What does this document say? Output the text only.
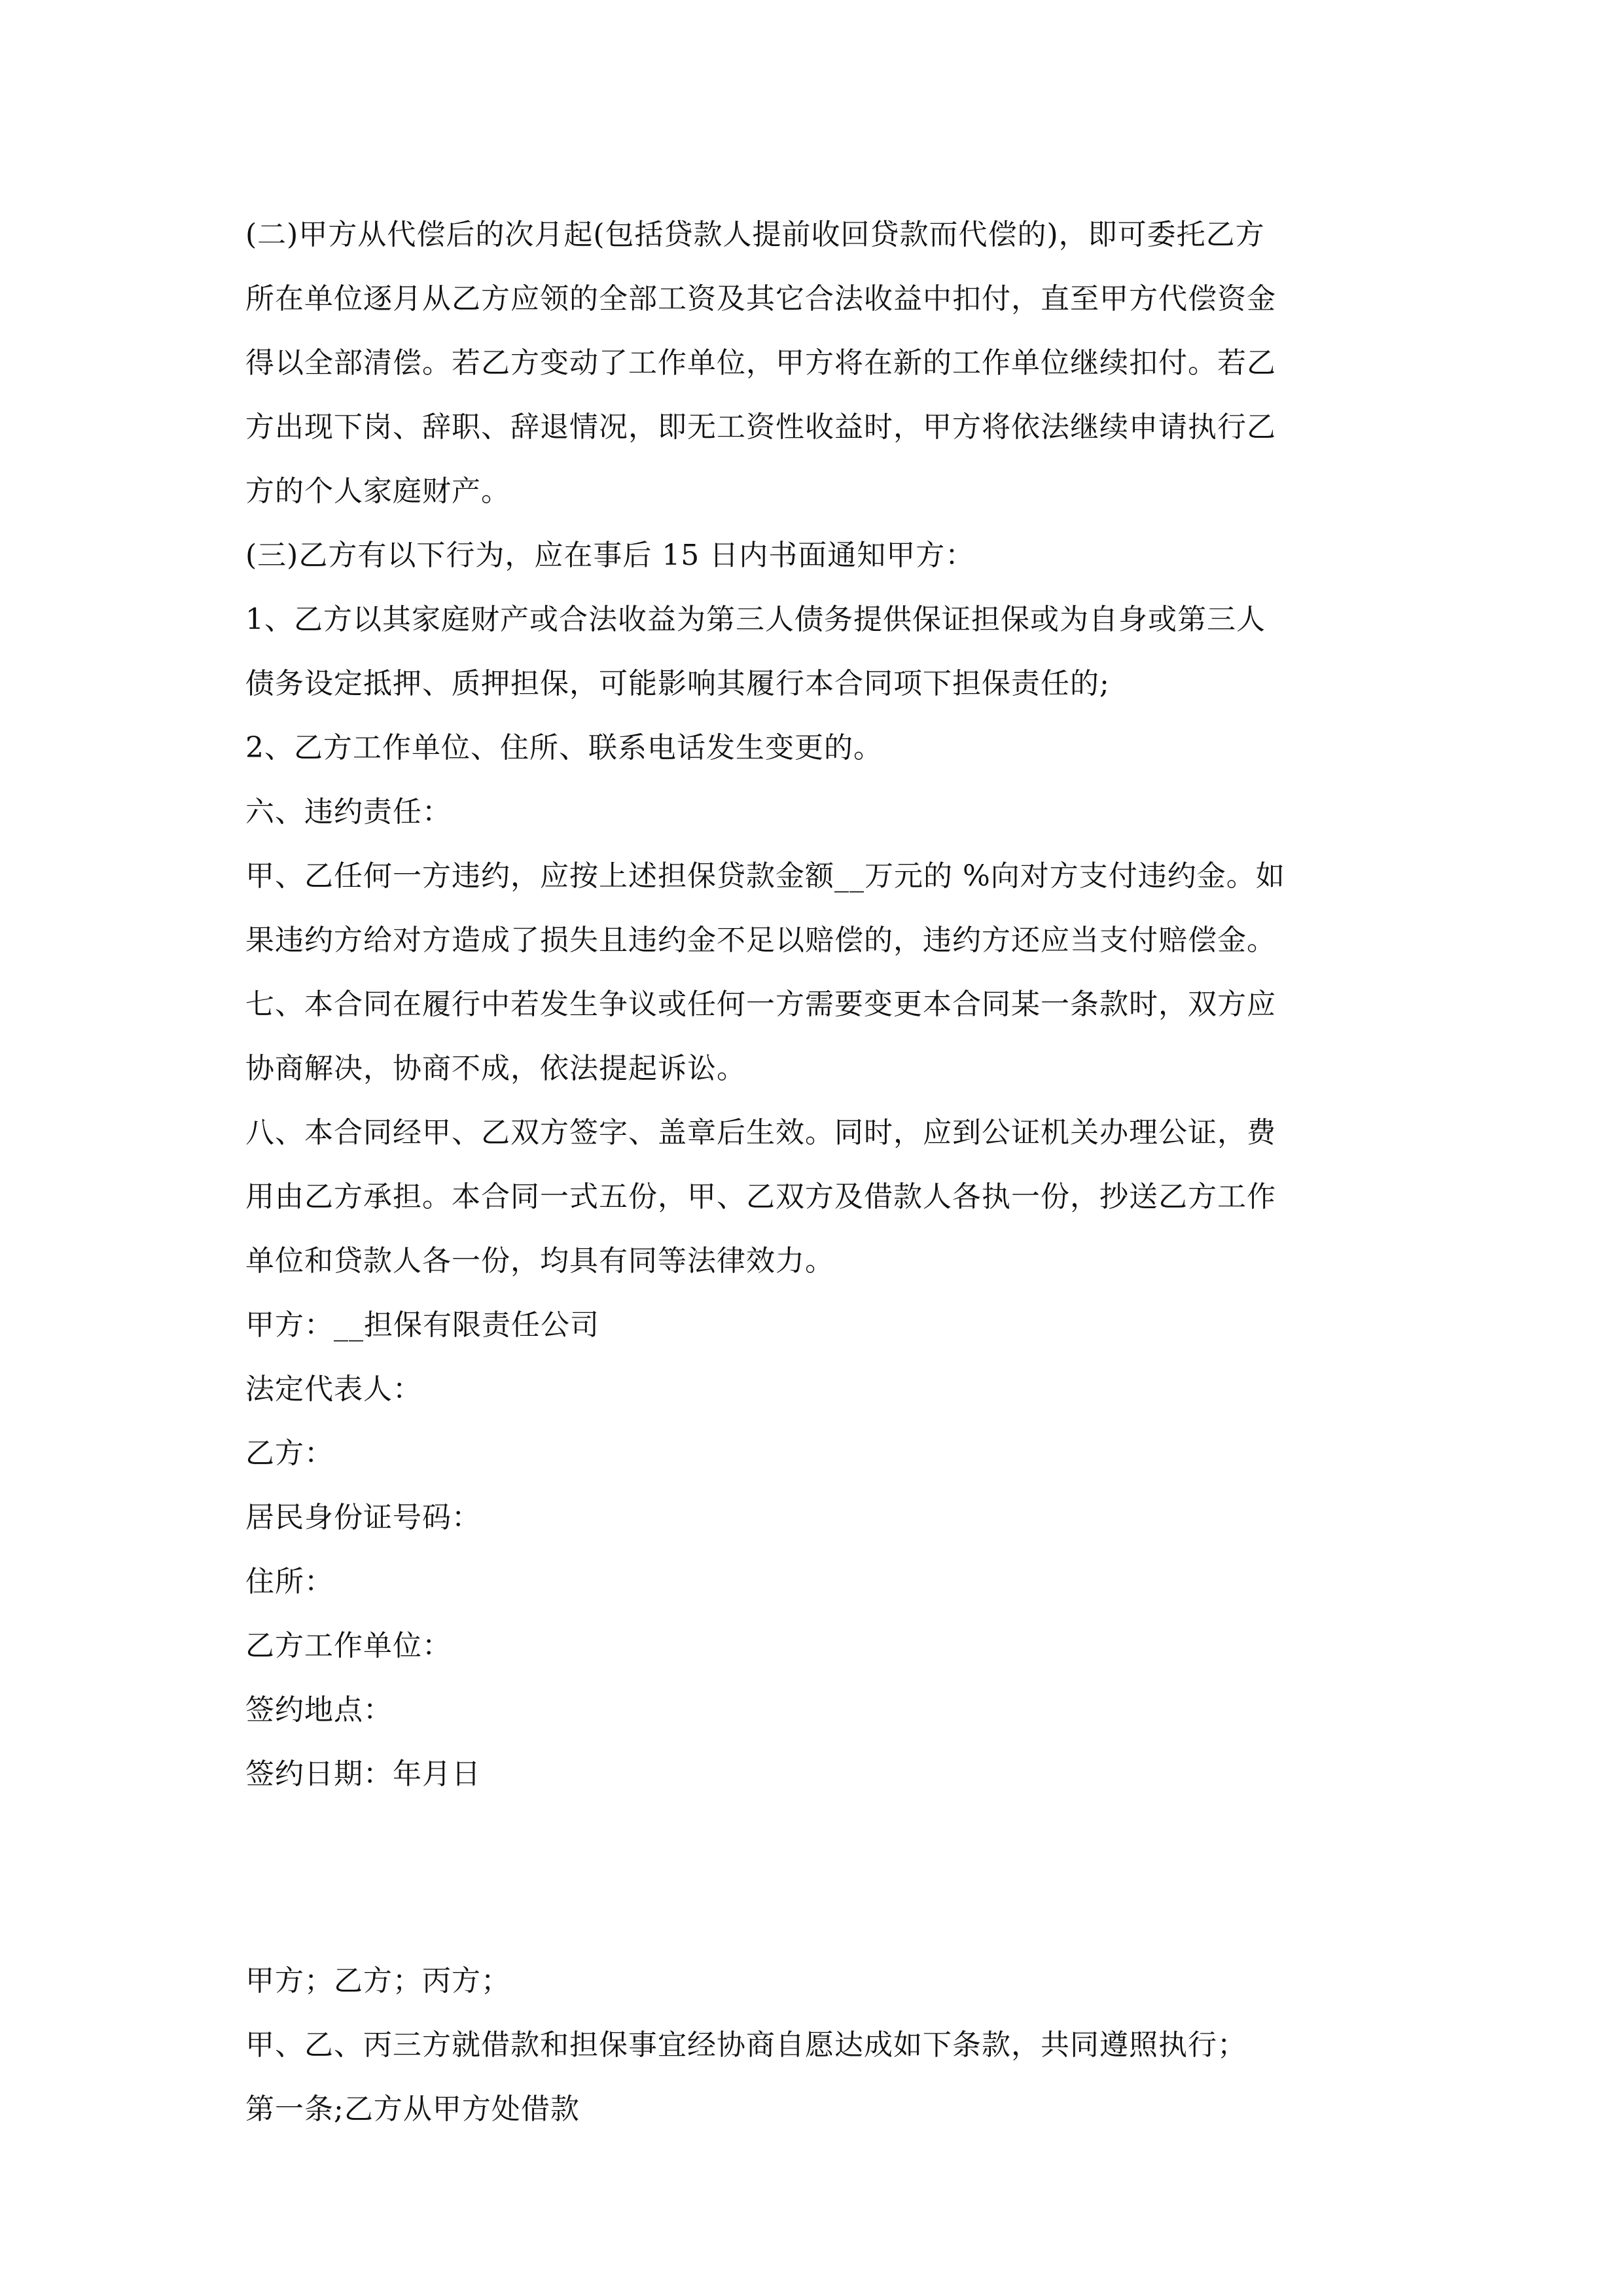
(二)甲方从代偿后的次月起(包括贷款人提前收回贷款而代偿的)，即可委托乙方
所在单位逐月从乙方应领的全部工资及其它合法收益中扣付，直至甲方代偿资金
得以全部清偿。若乙方变动了工作单位，甲方将在新的工作单位继续扣付。若乙
方出现下岗、辞职、辞退情况，即无工资性收益时，甲方将依法继续申请执行乙
方的个人家庭财产。
(三)乙方有以下行为，应在事后 15 日内书面通知甲方：
1、乙方以其家庭财产或合法收益为第三人债务提供保证担保或为自身或第三人
债务设定抵押、质押担保，可能影响其履行本合同项下担保责任的;
2、乙方工作单位、住所、联系电话发生变更的。
六、违约责任：
甲、乙任何一方违约，应按上述担保贷款金额__万元的 %向对方支付违约金。如
果违约方给对方造成了损失且违约金不足以赔偿的，违约方还应当支付赔偿金。
七、本合同在履行中若发生争议或任何一方需要变更本合同某一条款时，双方应
协商解决，协商不成，依法提起诉讼。
八、本合同经甲、乙双方签字、盖章后生效。同时，应到公证机关办理公证，费
用由乙方承担。本合同一式五份，甲、乙双方及借款人各执一份，抄送乙方工作
单位和贷款人各一份，均具有同等法律效力。
甲方：__担保有限责任公司
法定代表人：
乙方：
居民身份证号码：
住所：
乙方工作单位：
签约地点：
签约日期：年月日
甲方；乙方；丙方；
甲、乙、丙三方就借款和担保事宜经协商自愿达成如下条款，共同遵照执行；
第一条;乙方从甲方处借款
